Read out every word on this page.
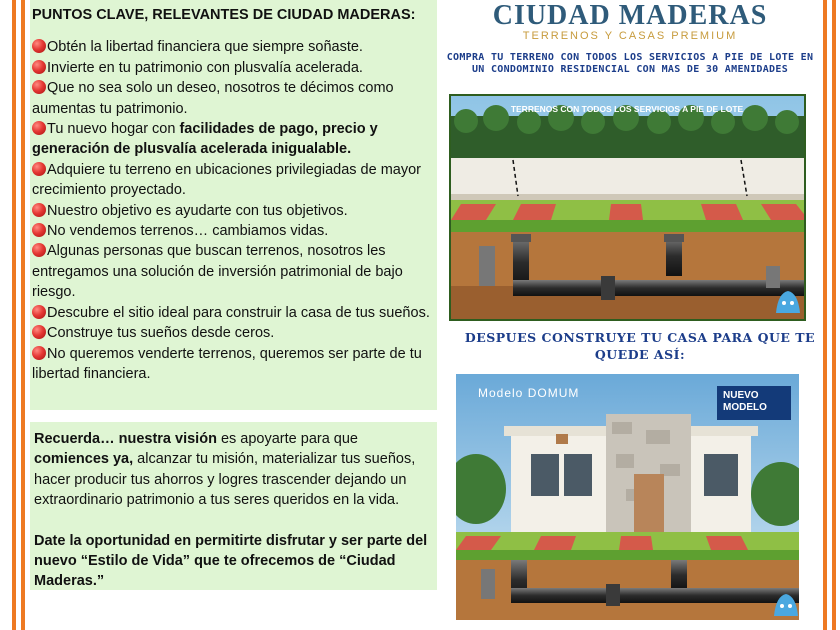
PUNTOS CLAVE, RELEVANTES DE CIUDAD MADERAS:
Obtén la libertad financiera que siempre soñaste.
Invierte en tu patrimonio con plusvalía acelerada.
Que no sea solo un deseo, nosotros te décimos como aumentas tu patrimonio.
Tu nuevo hogar con facilidades de pago, precio y generación de plusvalía acelerada inigualable.
Adquiere tu terreno en ubicaciones privilegiadas de mayor crecimiento proyectado.
Nuestro objetivo es ayudarte con tus objetivos.
No vendemos terrenos… cambiamos vidas.
Algunas personas que buscan terrenos, nosotros les entregamos una solución de inversión patrimonial de bajo riesgo.
Descubre el sitio ideal para construir la casa de tus sueños.
Construye tus sueños desde ceros.
No queremos venderte terrenos, queremos ser parte de tu libertad financiera.
Recuerda… nuestra visión es apoyarte para que comiences ya, alcanzar tu misión, materializar tus sueños, hacer producir tus ahorros y logres trascender dejando un extraordinario patrimonio a tus seres queridos en la vida.
Date la oportunidad en permitirte disfrutar y ser parte del nuevo “Estilo de Vida” que te ofrecemos de “Ciudad Maderas.”
CIUDAD MADERAS
TERRENOS Y CASAS PREMIUM
COMPRA TU TERRENO CON TODOS LOS SERVICIOS A PIE DE LOTE EN UN CONDOMINIO RESIDENCIAL CON MAS DE 30 AMENIDADES
TERRENOS CON TODOS LOS SERVICIOS A PIE DE LOTE
DESPUES CONSTRUYE TU CASA PARA QUE TE QUEDE ASÍ:
Modelo DOMUM	NUEVO
MODELO
